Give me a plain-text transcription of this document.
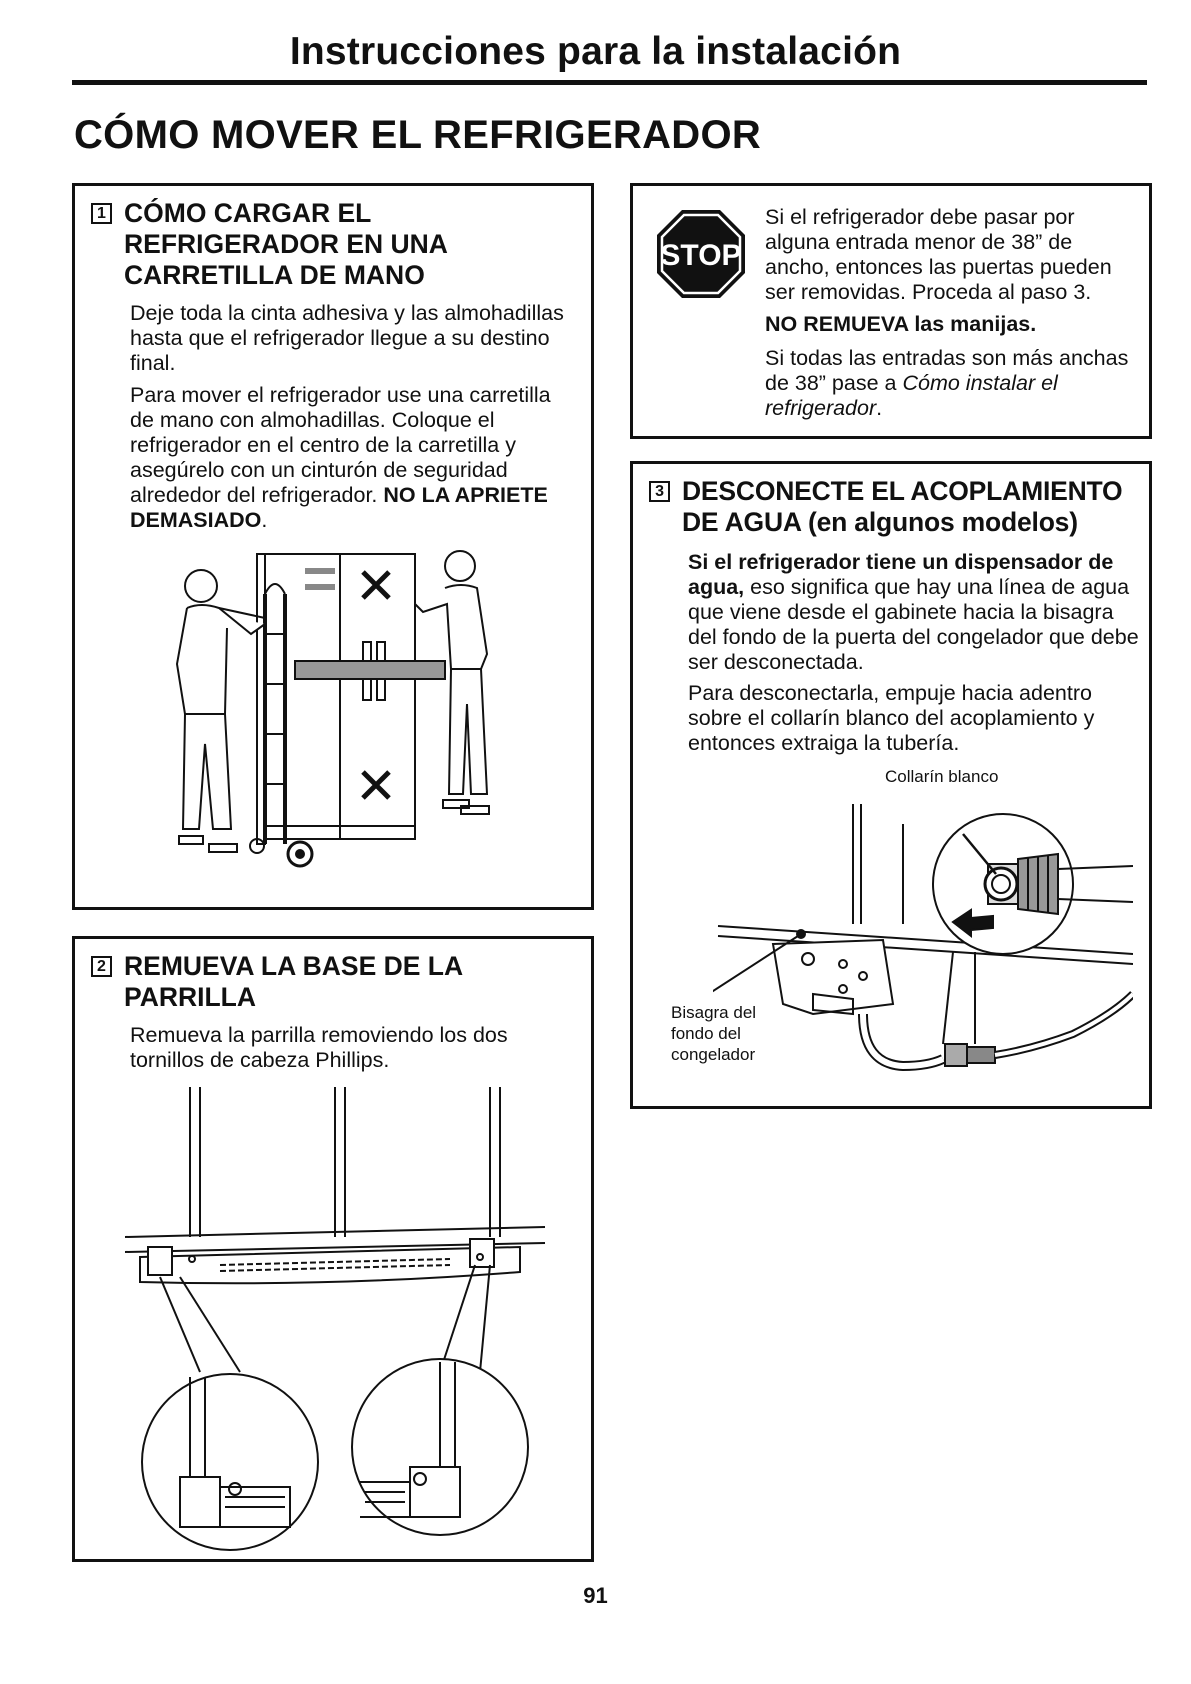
Instrucciones para la instalación
CÓMO MOVER EL REFRIGERADOR
1 CÓMO CARGAR EL REFRIGERADOR EN UNA CARRETILLA DE MANO
Deje toda la cinta adhesiva y las almohadillas hasta que el refrigerador llegue a su destino final.
Para mover el refrigerador use una carretilla de mano con almohadillas. Coloque el refrigerador en el centro de la carretilla y asegúrelo con un cinturón de seguridad alrededor del refrigerador. NO LA APRIETE DEMASIADO.
2 REMUEVA LA BASE DE LA PARRILLA
Remueva la parrilla removiendo los dos tornillos de cabeza Phillips.
STOP
Si el refrigerador debe pasar por alguna entrada menor de 38” de ancho, entonces las puertas pueden ser removidas. Proceda al paso 3.
NO REMUEVA las manijas.
Si todas las entradas son más anchas de 38” pase a Cómo instalar el refrigerador.
3 DESCONECTE EL ACOPLAMIENTO DE AGUA (en algunos modelos)
Si el refrigerador tiene un dispensador de agua, eso significa que hay una línea de agua que viene desde el gabinete hacia la bisagra del fondo de la puerta del congelador que debe ser desconectada.
Para desconectarla, empuje hacia adentro sobre el collarín blanco del acoplamiento y entonces extraiga la tubería.
Collarín blanco
Bisagra del fondo del congelador
91
